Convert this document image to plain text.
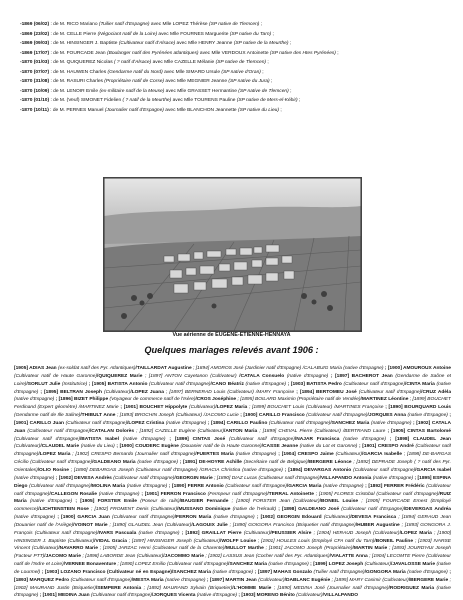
-1869 (06/02) : de M. RICO Mariano (Tuilier natif d'Espagne) avec Mlle LOPEZ Thérèse (SP native de Tlemcen) ;
-1869 (23/02) : de M. CELLE Pierre (Négociant natif de la Loire) avec Mlle FOURNES Marguerite (SP native du Tarn) ;
-1869 (09/03) : de M. HINSINGER J. Baptiste (Cultivateur natif d'Alsace) avec Mlle HENRY Jeanne (SP native de la Meurthe) ;
-1869 (17/07) : de M. FOURCADE Jean (Boulanger natif des Pyrénées atlantiques) avec Mlle VERDOUX Antoinette (SP native des Htes Pyrénées) ;
-1870 (01/03) : de M. QUIQUEREZ Nicolas ( ? natif d'Alsace) avec Mlle CAZELLE Mélanie (SP native de Tlemcen) ;
-1870 (07/07) : de M. HAUWEN Charles (Gendarme natif du Nord) avec Mlle SIMARD Ursule (SP native d'Oran) ;
-1870 (31/08) : de M. RASURI Charles (Propriétaire natif de Corse) avec Mlle MEGNIER Jeanne (SP native du Jura) ;
-1870 (10/09) : de M. LENOIR Emile (ex-militaire natif de la Meuse) avec Mlle GRASSET Hermantine (SP native de Tlemcen) ;
-1870 (01/10) : de M. (Veuf) SIMONET Fidelien ( ? natif de la Meurthe) avec Mlle TOURENS Pauline (SP native de Mers-el-Kébir) ;
-1870 (10/11) : de M. PERNES Manuel (Journalier natif d'Espagne) avec Mlle BLANCHON Jeannette (SP native du Lieu) ;
Vue aérienne de EUGENE-ETIENNE-HENNAYA
Quelques mariages relevés avant 1906 :
[1905] ADIAS Jean (ex-soldat natif des Pyr. Atlantiques)/TAILLARDAT Augustine ; [1894] AMOROS José (Jardinier natif d'Espagne) /CALABUIG Maria (native d'Espagne) ; [1900] AMOUROUX Antoine (Cultivateur natif de Haute Garonne)/QUIQUEREZ Marie ; [1897] ANTON Cayetanon (Cultivateur) /CATALA Consuelo (native d'Espagne) ; [1897] BACHEROT Jean (Gendarme de Saône et Loire)/SORLUT Julie (Institutrice) ; [1905] BATISTA Antonio (Cultivateur natif d'Espagne)/CANO Béatriz (native d'Espagne) ; [1903] BATISTA Pedro (Cultivateur natif d'Espagne)/CINTA Maria (native d'Espagne) ; [1895] BELTRAN Joseph (Cultivateur)/LOPEZ Juana ; [1897] BERNERAD Louis (Cultivateur) /MARY Françoise ; [1894] BERTOMEU José (Cultivateur natif d'Espagne)/CRUZ Adèla (native d'Espagne) ; [1896] BIZET Philippe (Voyageur de commerce natif de l'Isère)/CROS Joséphine ; [1895] BOILARD Maximin (Propriétaire natif de Vendée)/MARTINEZ Léontine ; [1899] BOUCHET Ferdinand (Expert géomètre) /MARTINEZ Marie ; [1901] BOUCHET Hippolyte (Cultivateur)/LOPEZ Maria ; [1899] BOUCHET Louis (Cultivateur) /MARTINES Françoise ; [1890] BOURQUARD Louis (Gendarme natif de Ille Saline)/THIBULT Anne ; [1893] BROCHIN Joseph (Cultivateur) /JACOMO Lucie ; [1900] CARILLO Francisco (Cultivateur natif d'Espagne)/JORQUES Anna (native d'Espagne) ; [1901] CARILLO Juan (Cultivateur natif d'Espagne)/LOPEZ Cristina (native d'Espagne) ; [1894] CARILLO Paulino (Cultivateur natif d'Espagne)/SANCHEZ Maria (native d'Espagne) ; [1902] CATALA Juan (Cultivateur natif d'Espagne)/CATALAN Dolorès ; [1892] CAZELLE Eugène (Cultivateur)/ANTON Maria ; [1899] CHEVAL Pierre (Cultivateur) /BERTRAND Laure ; [1905] CINTAS Bartolomé (Cultivateur natif d'Espagne)/BATISTA Isabel (native d'Espagne) ; [1899] CINTAS José (Cultivateur natif d'Espagne)/NAJAR Francisca (native d'Espagne) ; [1898] CLAUDEL Jean (Cultivateur)/CLAUDEL Marie (native du Lieu) ; [1900] COUDERC Eugène (Douanier natif de la Haute Garonne)/CASSE Jeanne (native du Lot et Garonne) ; [1901] CRESPO André (Cultivateur natif d'Espagne)/LOPEZ Maria ; [1902] CRESPO Bernardo (Journalier natif d'Espagne)/FUERTES Maria (native d'Espagne) ; [1904] CRESPO Jaime (Cultivateur)/GARCIA Isabelle ; [1898] DE-BARGAS Cécilio (Cultivateur natif d'Espagne)/GALDEANO Maria (native d'Espagne) ; [1891] DE-HOYRE Achille (Secrétaire natif de Belgique)/BERGERE Léonce ; [1892] DEPRADE Joseph ( ? natif des Pyr. Orientales)/OLIO Rosine ; [1890] DEBARGAS Joseph (Cultivateur natif d'Espagne) /GRACIA Christina (native d'Espagne) ; [1894] DEVARGAS Antonio (Cultivateur natif d'Espagne)/GARCIA Isabel (native d'Espagne) ; [1902] DEVESA Andrès (Cultivateur natif d'Espagne)/GEORGIN Marie ; [1890] DIAZ Lucas (Cultivateur natif d'Espagne)/VILLAPANDO Antonia (native d'Espagne) ; [1895] ESPINA Diego (Cultivateur natif d'Espagne)/MOLINA Maria (native d'Espagne) ; [1890] FERRE Antonio (Cultivateur natif d'Espagne)/GARCIA Maria (native d'Espagne) ; [1892] FERRER Frédéric (Cultivateur natif d'Espagne)/CALLEGON Rosalie (native d'Espagne) ; [1901] FERRON Francisco (Fermpeur natif d'Espagne)/TERRAL Antoinette ; [1905] FLORES Cristobal (Cultivateur natif d'Espagne)/RUIZ Maria (native d'Espagne) ; [1905] FORSTER Emile (Poseur de rails)/BAUGIER Fernande ; [1900] FORSTER Jean (Cultivateur)/BONEIL Louise ; [1905] FOURCADE Ernest (Employé commerce)/LICHTENSTEIN Rose ; [1902] FROMENT Denis (Cultivateur)/MUSSANO Dominique (native de l'Hérault) ; [1898] GALDEANO José (Cultivateur natif d'Espagne)/DEVERGAS Andréa (native d'Espagne) ; [1900] GARCIA Juan (Cultivateur natif d'Espagne)/FERRON Maria (native d'Espagne) ; [1902] GEORGIN Edouard (Cultivateur)/DEVESA Francisca ; [1894] GERAUD Jean (Douanier natif de l'Ariège)/VOINOT Marie ; [1890] GLAUDEL Jean (Cultivateur)/LAGOUIX Julie ; [1890] GOIGORA Francisco (Briquetier natif d'Espagne)/HUBER Augustine ; [1893] GONGORA J. François (Cultivateur natif d'Espagne)/IVARS Pascuala (native d'Espagne) ; [1892] GRAILLAT Pierre (Cultivateur)/PEUSSIER Alsire ; [1904] HERAUD Joseph (Cultivateur)/LOPEZ Maria ; [1900] HINSINGER J. Baptiste (Cultivateur)/VIDAL Gracia ; [1897] HINSINGER Joseph (Cultivateur)/WOLFF Louise ; [1901] HOULES Louis (Employé CFA natif du Tarn)/BONEIL Pauline ; [1903] IVARSE Vincent (Cultivateur)/NAVARRO Marie ; [1905] JARZAC Henri (Cultivateur natif de la Charente)/MULLOT Marthe ; [1901] JACOMO Joseph (Propriétaire)/MARTIN Marie ; [1893] JOURD'HUI Joseph (Facteur PTT)/JACOMO Marie ; [1898] LABORDE Jean (Cultivateur)/JACOMMO Marie ; [1902] LASSUS Jean (Cocher natif des Pyr. Atlantiques)/VIALATTE Anna ; [1904] LECOMTE Pierre (Cultivateur natif de l'Indre et Loire)/VERNEE Bonaventure ; [1890] LOPEZ Emilio (Cultivateur natif d'Espagne)/SANCHEZ Maria (native d'Espagne) ; [1899] LOPEZ Joseph (Cultivateur)/JAVALOSSE Marie (native de Lourmel) ; [1903] LOZANO Francisco (Cultivateur né en Espagne)/SANCHEZ Maria (native d'Espagne) ; [1897] MAHAS Gonzalo (Tuilier natif d'Espagne)/GONGORA Maria (native d'Espagne) ; [1893] MARQUEZ Pedro (Cultivateur natif d'Espagne)/MESTA Maria (native d'Espagne) ; [1897] MARTIN Jean (Cultivateur)/DABLANC Eugénie ; [1895] MARY Casimir (Cultivateur)/BERGERE Marie ; [1902] MAURAND Justin (Briquetier)/SEMPERE Antonia ; [1892] MAURAND Sylvain (Briquetier)/L'HOMME Marie ; [1890] MEDINA José (Journalier natif d'Espagne)/RODRIGUEZ Maria (native d'Espagne) ; [1901] MEDINA Juan (Cultivateur natif d'Espagne)/JORQUES Vicenta (native d'Espagne) ; [1903] MORENO Bénito (Cultivateur)/VILLALPANDO
